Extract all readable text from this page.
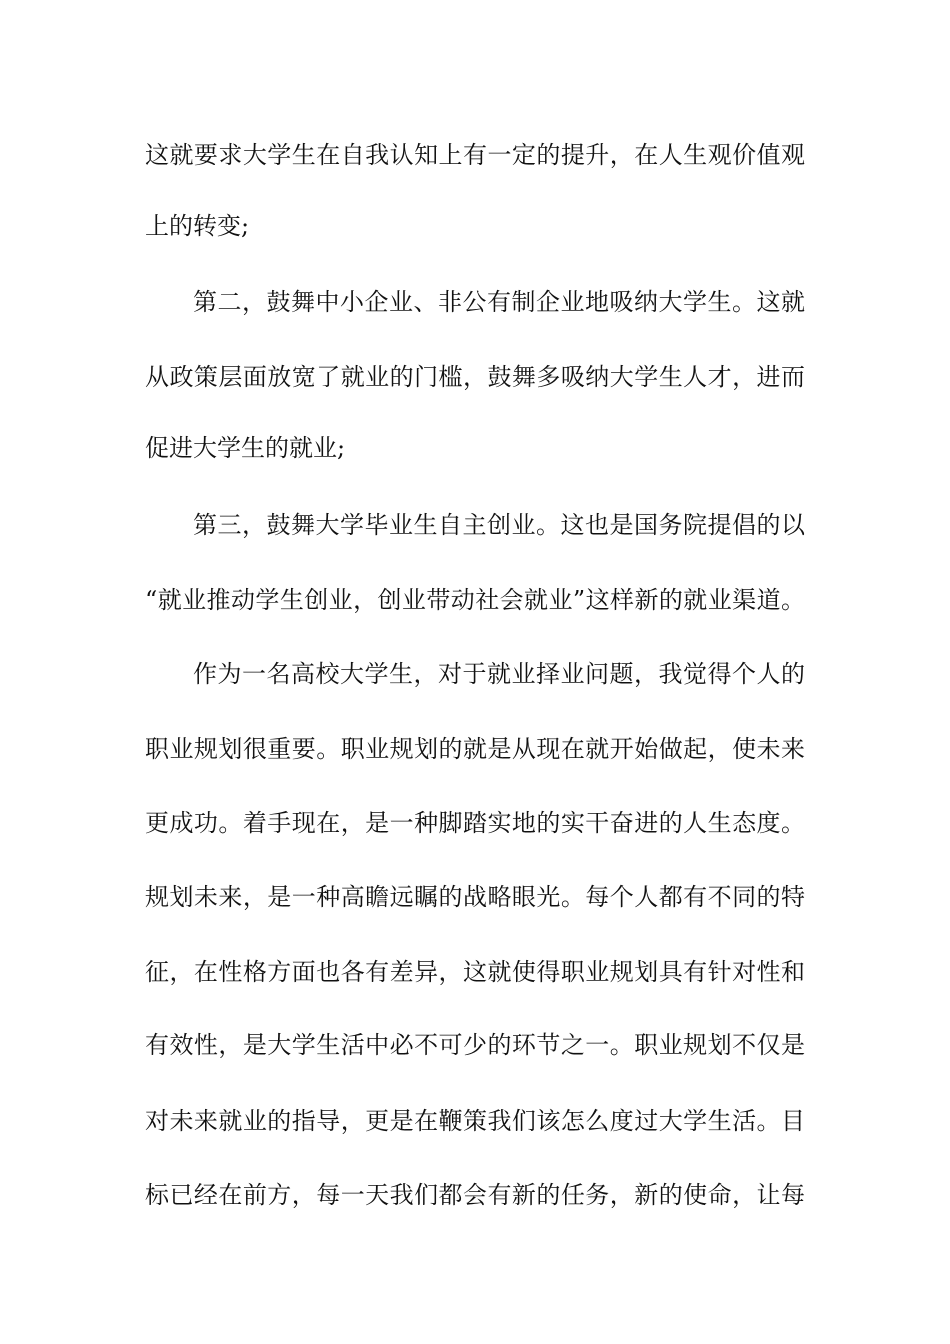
这就要求大学生在自我认知上有一定的提升，在人生观价值观
上的转变;
第二，鼓舞中小企业、非公有制企业地吸纳大学生。这就
从政策层面放宽了就业的门槛，鼓舞多吸纳大学生人才，进而
促进大学生的就业;
第三，鼓舞大学毕业生自主创业。这也是国务院提倡的以
“就业推动学生创业，创业带动社会就业”这样新的就业渠道。
作为一名高校大学生，对于就业择业问题，我觉得个人的
职业规划很重要。职业规划的就是从现在就开始做起，使未来
更成功。着手现在，是一种脚踏实地的实干奋进的人生态度。
规划未来，是一种高瞻远瞩的战略眼光。每个人都有不同的特
征，在性格方面也各有差异，这就使得职业规划具有针对性和
有效性，是大学生活中必不可少的环节之一。职业规划不仅是
对未来就业的指导，更是在鞭策我们该怎么度过大学生活。目
标已经在前方，每一天我们都会有新的任务，新的使命，让每
